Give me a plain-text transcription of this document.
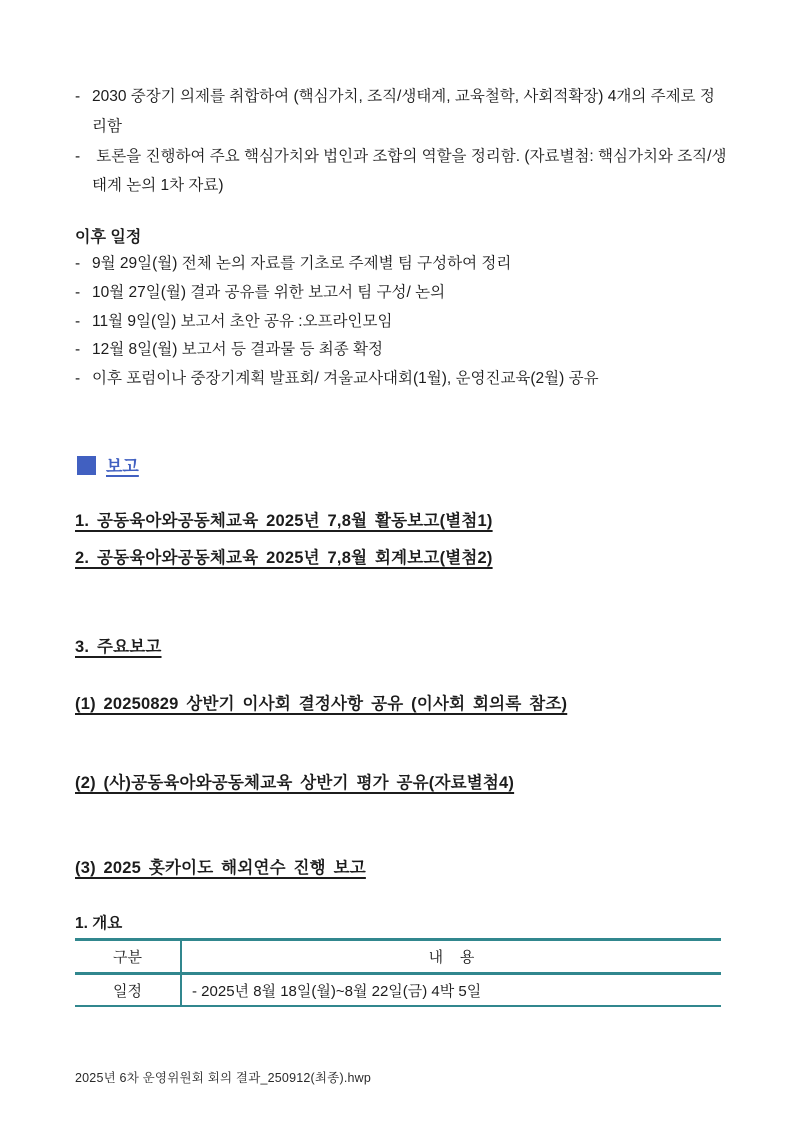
- 2030 중장기 의제를 취합하여 (핵심가치, 조직/생태계, 교육철학, 사회적확장) 4개의 주제로 정리함

- 토론을 진행하여 주요 핵심가치와 법인과 조합의 역할을 정리함. (자료별첨: 핵심가치와 조직/생태계 논의 1차 자료)

이후 일정

- 9월 29일(월) 전체 논의 자료를 기초로 주제별 팀 구성하여 정리

- 10월 27일(월) 결과 공유를 위한 보고서 팀 구성/ 논의

- 11월 9일(일) 보고서 초안 공유 :오프라인모임

- 12월 8일(월) 보고서 등 결과물 등 최종 확정

- 이후 포럼이나 중장기계획 발표회/ 겨울교사대회(1월), 운영진교육(2월) 공유

보고
1. 공동육아와공동체교육 2025년 7,8월 활동보고(별첨1)
2. 공동육아와공동체교육 2025년 7,8월 회계보고(별첨2)
3. 주요보고
(1) 20250829 상반기 이사회 결정사항 공유 (이사회 회의록 참조)
(2) (사)공동육아와공동체교육 상반기 평가 공유(자료별첨4)
(3) 2025 홋카이도 해외연수 진행 보고
1. 개요
구분	내    용
일정	- 2025년 8월 18일(월)~8월 22일(금) 4박 5일
2025년 6차 운영위원회 회의 결과_250912(최종).hwp
